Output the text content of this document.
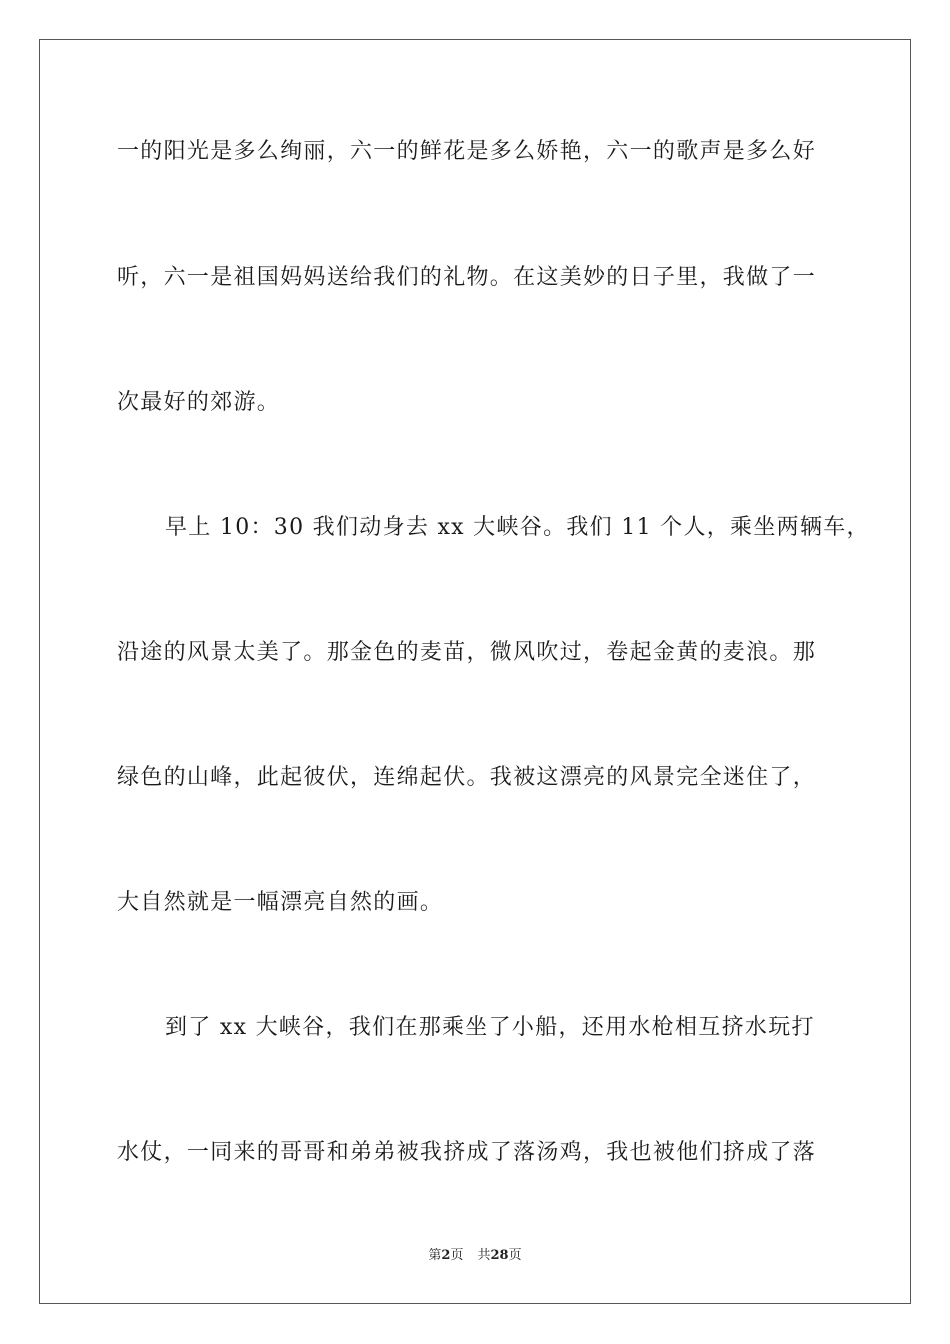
一的阳光是多么绚丽，六一的鲜花是多么娇艳，六一的歌声是多么好
听，六一是祖国妈妈送给我们的礼物。在这美妙的日子里，我做了一
次最好的郊游。
早上 10：30 我们动身去 xx 大峡谷。我们 11 个人，乘坐两辆车，
沿途的风景太美了。那金色的麦苗，微风吹过，卷起金黄的麦浪。那
绿色的山峰，此起彼伏，连绵起伏。我被这漂亮的风景完全迷住了，
大自然就是一幅漂亮自然的画。
到了 xx 大峡谷，我们在那乘坐了小船，还用水枪相互挤水玩打
水仗，一同来的哥哥和弟弟被我挤成了落汤鸡，我也被他们挤成了落
第2页 共28页
